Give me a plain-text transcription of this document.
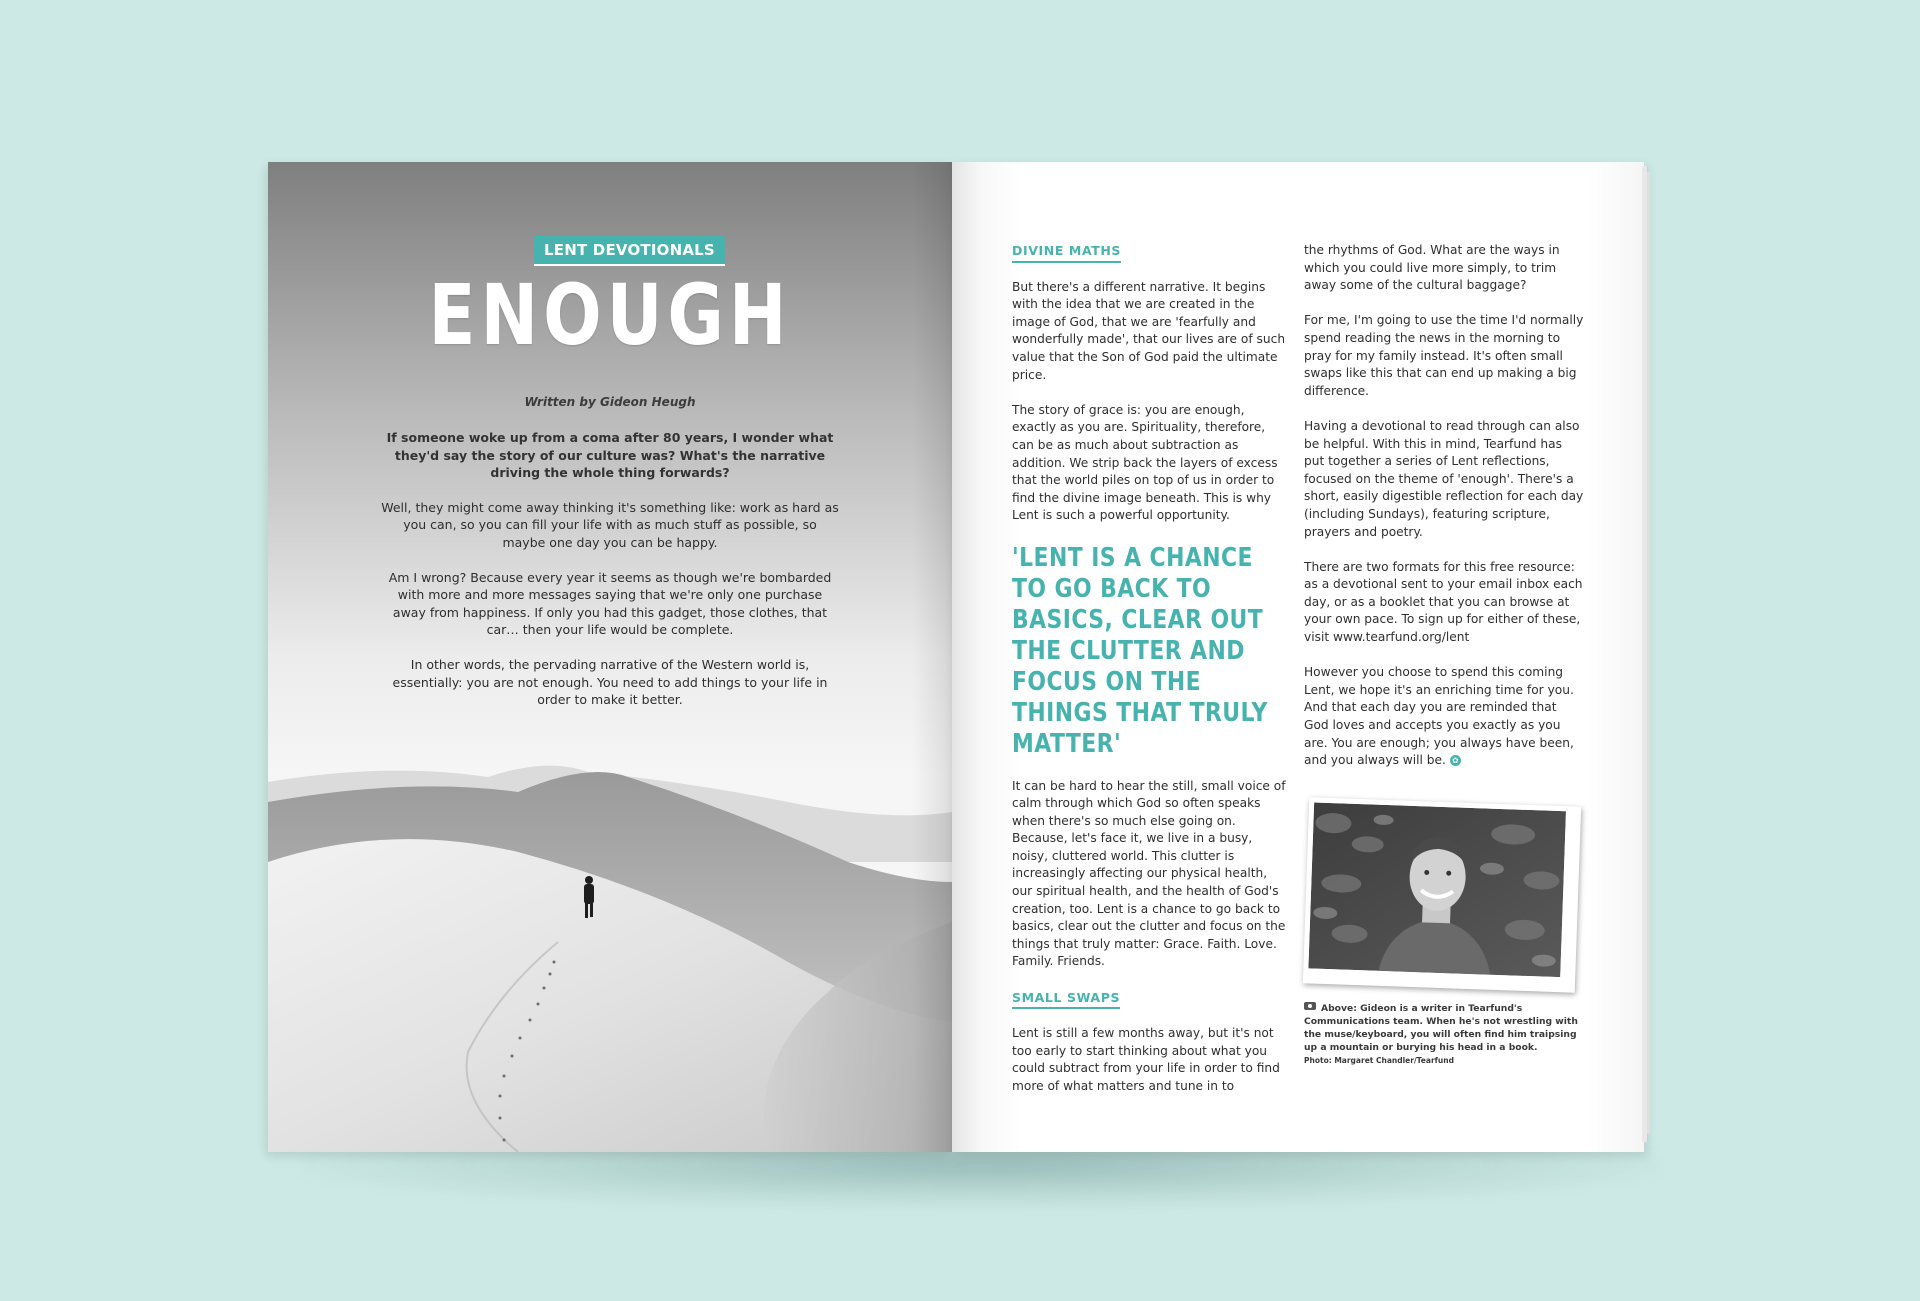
LENT DEVOTIONALS
ENOUGH
Written by Gideon Heugh

If someone woke up from a coma after 80 years, I wonder what they'd say the story of our culture was? What's the narrative driving the whole thing forwards?

Well, they might come away thinking it's something like: work as hard as you can, so you can fill your life with as much stuff as possible, so maybe one day you can be happy.

Am I wrong? Because every year it seems as though we're bombarded with more and more messages saying that we're only one purchase away from happiness. If only you had this gadget, those clothes, that car… then your life would be complete.

In other words, the pervading narrative of the Western world is, essentially: you are not enough. You need to add things to your life in order to make it better.

DIVINE MATHS

But there's a different narrative. It begins with the idea that we are created in the image of God, that we are 'fearfully and wonderfully made', that our lives are of such value that the Son of God paid the ultimate price.

The story of grace is: you are enough, exactly as you are. Spirituality, therefore, can be as much about subtraction as addition. We strip back the layers of excess that the world piles on top of us in order to find the divine image beneath. This is why Lent is such a powerful opportunity.

'LENT IS A CHANCE TO GO BACK TO BASICS, CLEAR OUT THE CLUTTER AND FOCUS ON THE THINGS THAT TRULY MATTER'

It can be hard to hear the still, small voice of calm through which God so often speaks when there's so much else going on. Because, let's face it, we live in a busy, noisy, cluttered world. This clutter is increasingly affecting our physical health, our spiritual health, and the health of God's creation, too. Lent is a chance to go back to basics, clear out the clutter and focus on the things that truly matter: Grace. Faith. Love. Family. Friends.

SMALL SWAPS

Lent is still a few months away, but it's not too early to start thinking about what you could subtract from your life in order to find more of what matters and tune in to

the rhythms of God. What are the ways in which you could live more simply, to trim away some of the cultural baggage?

For me, I'm going to use the time I'd normally spend reading the news in the morning to pray for my family instead. It's often small swaps like this that can end up making a big difference.

Having a devotional to read through can also be helpful. With this in mind, Tearfund has put together a series of Lent reflections, focused on the theme of 'enough'. There's a short, easily digestible reflection for each day (including Sundays), featuring scripture, prayers and poetry.

There are two formats for this free resource: as a devotional sent to your email inbox each day, or as a booklet that you can browse at your own pace. To sign up for either of these, visit www.tearfund.org/lent

However you choose to spend this coming Lent, we hope it's an enriching time for you. And that each day you are reminded that God loves and accepts you exactly as you are. You are enough; you always have been, and you always will be. ✿

Above: Gideon is a writer in Tearfund's Communications team. When he's not wrestling with the muse/keyboard, you will often find him traipsing up a mountain or burying his head in a book.
Photo: Margaret Chandler/Tearfund
